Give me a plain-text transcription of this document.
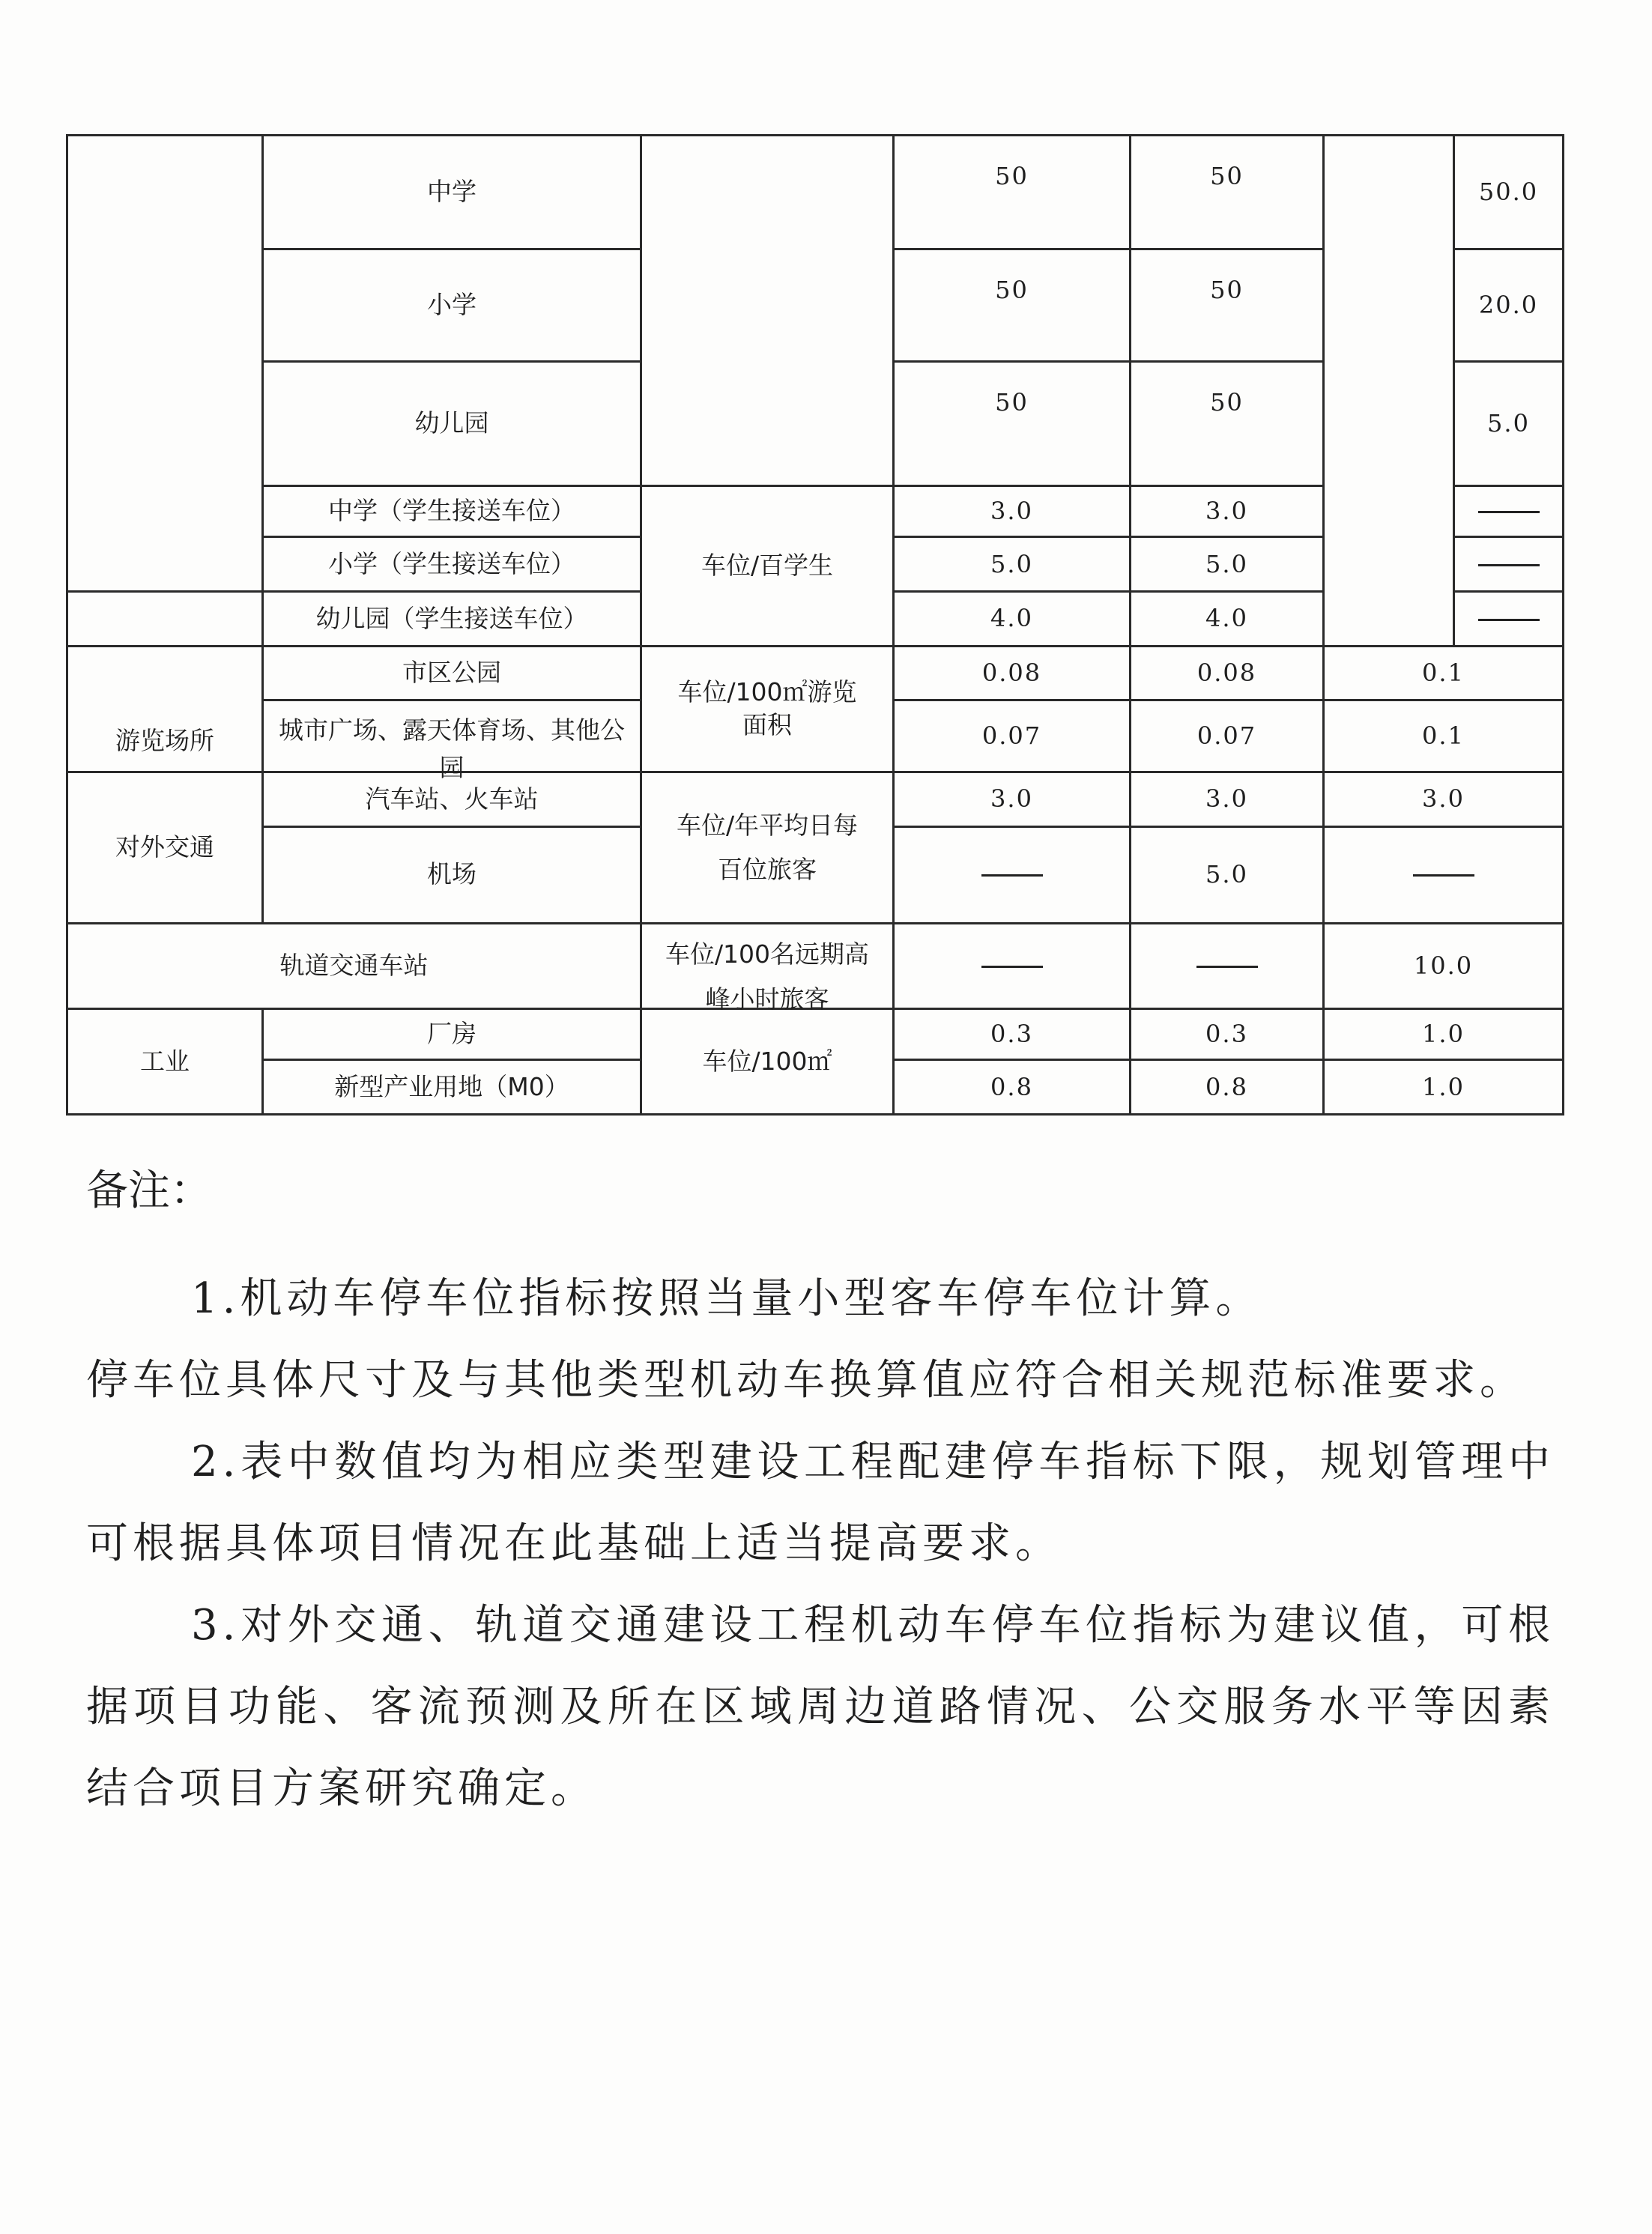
	中学		50	50		50.0
	小学		50	50		20.0
	幼儿园		50	50		5.0
	中学（学生接送车位）	车位/百学生	3.0	3.0		
	小学（学生接送车位）		5.0	5.0		
	幼儿园（学生接送车位）		4.0	4.0		
游览场所	市区公园	车位/100㎡游览面积	0.08	0.08	0.1	

	城市广场、露天体育场、其他公园		0.07	0.07	0.1	
对外交通	汽车站、火车站	车位/年平均日每百位旅客	3.0	3.0	3.0	
	机场			5.0		
轨道交通车站		车位/100名远期高峰小时旅客			10.0	
工业	厂房	车位/100㎡	0.3	0.3	1.0	
	新型产业用地（M0）		0.8	0.8	1.0	
备注：

1.机动车停车位指标按照当量小型客车停车位计算。

停车位具体尺寸及与其他类型机动车换算值应符合相关规范标准要求。

2.表中数值均为相应类型建设工程配建停车指标下限，规划管理中可根据具体项目情况在此基础上适当提高要求。

3.对外交通、轨道交通建设工程机动车停车位指标为建议值，可根据项目功能、客流预测及所在区域周边道路情况、公交服务水平等因素结合项目方案研究确定。
